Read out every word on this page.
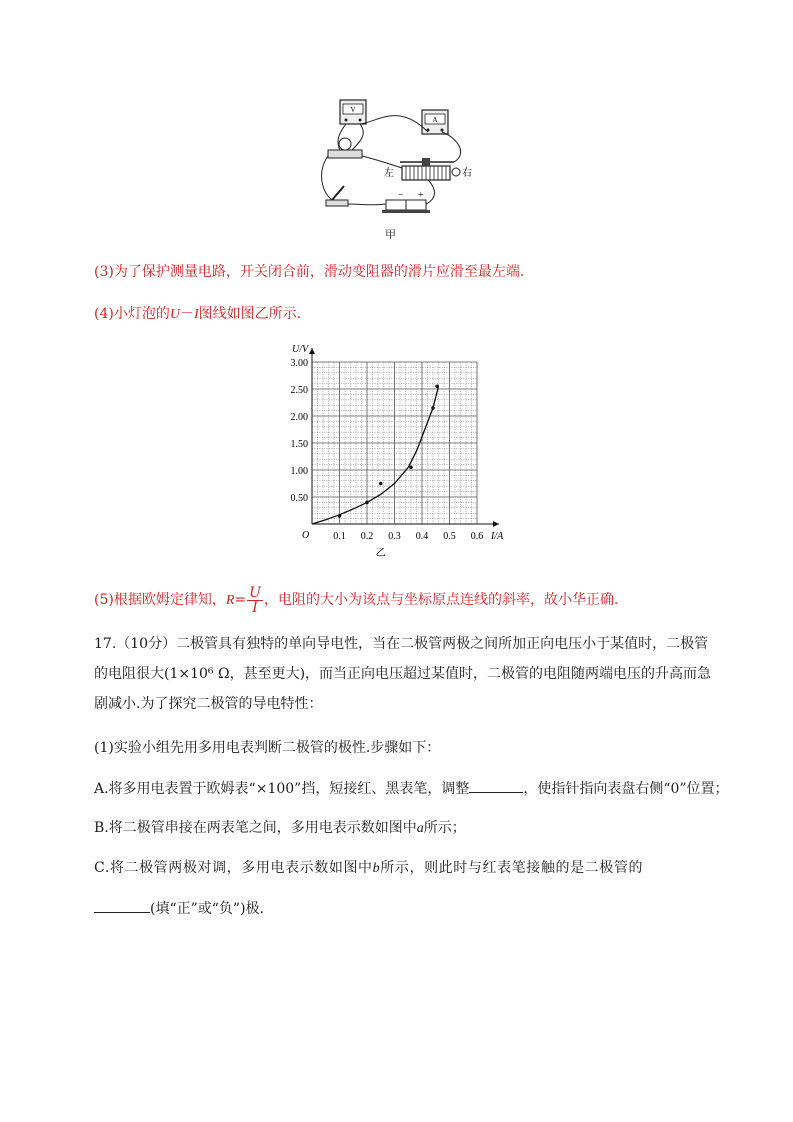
V
A
左	右
− +
甲
(3)为了保护测量电路，开关闭合前，滑动变阻器的滑片应滑至最左端.
(4)小灯泡的U－I图线如图乙所示.
0.1 0.2 0.3 0.4 0.5 0.6
0.50
1.00
1.50
2.00
2.50
3.00
O	I/A
U/V
乙
(5)根据欧姆定律知，$R= \frac{U}{I}$ ，电阻的大小为该点与坐标原点连线的斜率，故小华正确.
17.（10分）二极管具有独特的单向导电性，当在二极管两极之间所加正向电压小于某值时，二极管
的电阻很大(1×10⁶ Ω，甚至更大)，而当正向电压超过某值时，二极管的电阻随两端电压的升高而急
剧减小.为了探究二极管的导电特性：
(1)实验小组先用多用电表判断二极管的极性.步骤如下：
A.将多用电表置于欧姆表“×100”挡，短接红、黑表笔，调整	，使指针指向表盘右侧“0”位置；
B.将二极管串接在两表笔之间，多用电表示数如图中a所示；
C.将二极管两极对调，多用电表示数如图中b所示，则此时与红表笔接触的是二极管的
(填“正”或“负”)极.
